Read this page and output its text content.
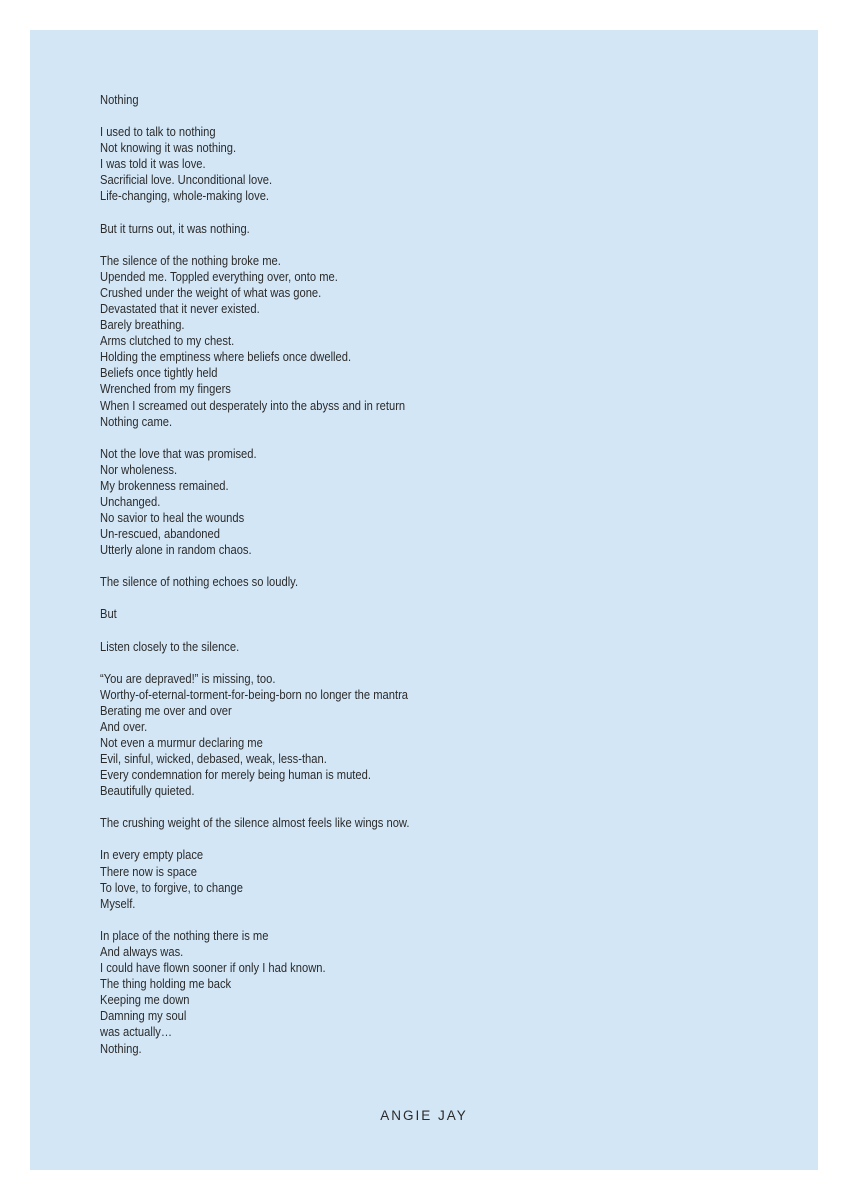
Nothing
I used to talk to nothing
Not knowing it was nothing.
I was told it was love.
Sacrificial love. Unconditional love.
Life-changing, whole-making love.
But it turns out, it was nothing.
The silence of the nothing broke me.
Upended me. Toppled everything over, onto me.
Crushed under the weight of what was gone.
Devastated that it never existed.
Barely breathing.
Arms clutched to my chest.
Holding the emptiness where beliefs once dwelled.
Beliefs once tightly held
Wrenched from my fingers
When I screamed out desperately into the abyss and in return
Nothing came.
Not the love that was promised.
Nor wholeness.
My brokenness remained.
Unchanged.
No savior to heal the wounds
Un-rescued, abandoned
Utterly alone in random chaos.
The silence of nothing echoes so loudly.
But
Listen closely to the silence.
“You are depraved!” is missing, too.
Worthy-of-eternal-torment-for-being-born no longer the mantra
Berating me over and over
And over.
Not even a murmur declaring me
Evil, sinful, wicked, debased, weak, less-than.
Every condemnation for merely being human is muted.
Beautifully quieted.
The crushing weight of the silence almost feels like wings now.
In every empty place
There now is space
To love, to forgive, to change
Myself.
In place of the nothing there is me
And always was.
I could have flown sooner if only I had known.
The thing holding me back
Keeping me down
Damning my soul
was actually…
Nothing.
ANGIE JAY
